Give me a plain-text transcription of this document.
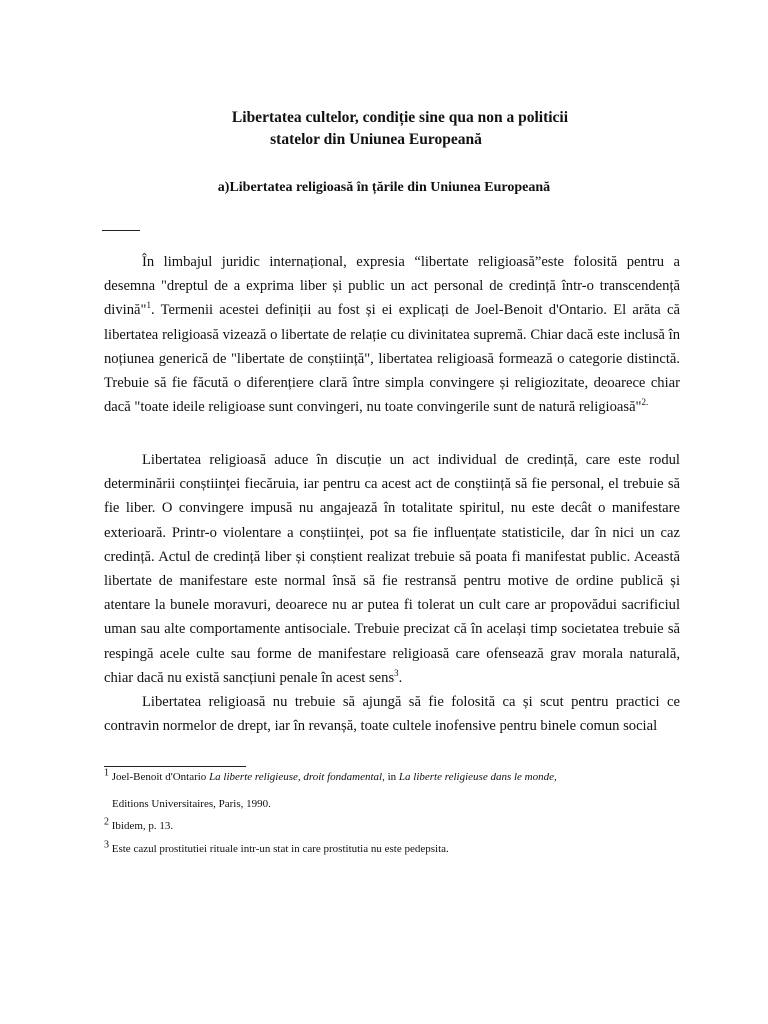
Libertatea cultelor, condiție sine qua non a politicii
statelor din Uniunea Europeană
a)Libertatea religioasă în țările din Uniunea Europeană

În limbajul juridic internațional, expresia “libertate religioasă”este folosită pentru a desemna "dreptul de a exprima liber și public un act personal de credință într-o transcendență divină"$^1$. Termenii acestei definiții au fost și ei explicați de Joel-Benoit d'Ontario. El arăta că libertatea religioasă vizează o libertate de relație cu divinitatea supremă. Chiar dacă este inclusă în noțiunea generică de "libertate de conștiință", libertatea religioasă formează o categorie distinctă. Trebuie să fie făcută o diferențiere clară între simpla convingere și religiozitate, deoarece chiar dacă "toate ideile religioase sunt convingeri, nu toate convingerile sunt de natură religioasă"$^{2.}$

Libertatea religioasă aduce în discuție un act individual de credință, care este rodul determinării conștiinței fiecăruia, iar pentru ca acest act de conștiință să fie personal, el trebuie să fie liber. O convingere impusă nu angajează în totalitate spiritul, nu este decât o manifestare exterioară. Printr-o violentare a conștiinței, pot sa fie influențate statisticile, dar în nici un caz credință. Actul de credință liber și conștient realizat trebuie să poata fi manifestat public. Această libertate de manifestare este normal însă să fie restransă pentru motive de ordine publică și atentare la bunele moravuri, deoarece nu ar putea fi tolerat un cult care ar propovădui sacrificiul uman sau alte comportamente antisociale. Trebuie precizat că în același timp societatea trebuie să respingă acele culte sau forme de manifestare religioasă care ofensează grav morala naturală, chiar dacă nu există sancțiuni penale în acest sens$^3$.

Libertatea religioasă nu trebuie să ajungă să fie folosită ca și scut pentru practici ce contravin normelor de drept, iar în revanșă, toate cultele inofensive pentru binele comun social

$^1$ Joel-Benoit d'Ontario La liberte religieuse, droit fondamental, in La liberte religieuse dans le monde,
Editions Universitaires, Paris, 1990.
$^2$ Ibidem, p. 13.
$^3$ Este cazul prostitutiei rituale intr-un stat in care prostitutia nu este pedepsita.
